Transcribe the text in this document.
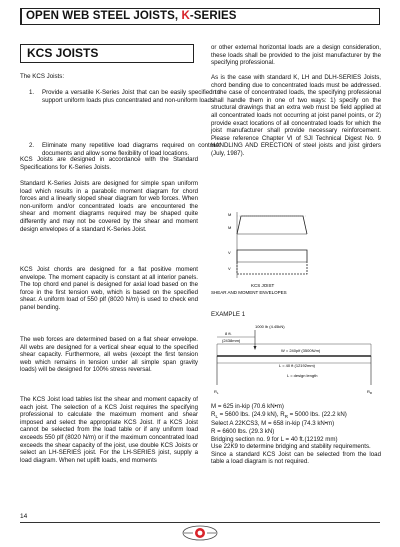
OPEN WEB STEEL JOISTS, K-SERIES
KCS JOISTS

The KCS Joists:

1. Provide a versatile K-Series Joist that can be easily specified to support uniform loads plus concentrated and non-uniform loads.
2. Eliminate many repetitive load diagrams required on contract documents and allow some flexibility of load locations.

KCS Joists are designed in accordance with the Standard Specifications for K-Series Joists.

Standard K-Series Joists are designed for simple span uniform load which results in a parabolic moment diagram for chord forces and a linearly sloped shear diagram for web forces. When non-uniform and/or concentrated loads are encountered the shear and moment diagrams required may be shaped quite differently and may not be covered by the shear and moment design envelopes of a standard K-Series Joist.

KCS Joist chords are designed for a flat positive moment envelope. The moment capacity is constant at all interior panels. The top chord end panel is designed for axial load based on the force in the first tension web, which is based on the specified shear. A uniform load of 550 plf (8020 N/m) is used to check end panel bending.

The web forces are determined based on a flat shear envelope. All webs are designed for a vertical shear equal to the specified shear capacity. Furthermore, all webs (except the first tension web which remains in tension under all simple span gravity loads) will be designed for 100% stress reversal.

The KCS Joist load tables list the shear and moment capacity of each joist. The selection of a KCS Joist requires the specifying professional to calculate the maximum moment and shear imposed and select the appropriate KCS Joist. If a KCS Joist cannot be selected from the load table or if any uniform load exceeds 550 plf (8020 N/m) or if the maximum concentrated load exceeds the shear capacity of the joist, use double KCS Joists or select an LH-SERIES joist. For the LH-SERIES joist, supply a load diagram. When net uplift loads, end moments

or other external horizontal loads are a design consideration, these loads shall be provided to the joist manufacturer by the specifying professional.

As is the case with standard K, LH and DLH-SERIES Joists, chord bending due to concentrated loads must be addressed. In the case of concentrated loads, the specifying professional shall handle them in one of two ways: 1) specify on the structural drawings that an extra web must be field applied at all concentrated loads not occurring at joist panel points, or 2) provide exact locations of all concentrated loads for which the joist manufacturer shall provide necessary reinforcement. Please reference Chapter VI of SJI Technical Digest No. 9 HANDLING AND ERECTION of steel joists and joist girders (July, 1987).

M
M
V
V
KCS JOIST
SHEAR AND MOMENT ENVELOPES

EXAMPLE 1

1000 lb (4.45kN)
8 ft.
(2438mm)
W = 240plf (3500N/m)
L = 40 ft (12192mm)
L = design length
$R_L$	$R_R$

M = 625 in-kip (70.6 kN•m)

$R_L = 5600$ lbs. (24.9 kN), $R_R = 5000$ lbs. (22.2 kN)

Select A 22KCS3, M = 658 in-kip (74.3 kN•m)

R = 6600 lbs. (29.3 kN)

Bridging section no. 9 for L = 40 ft.(12192 mm)

Use 22K9 to determine bridging and stability requirements.

Since a standard KCS Joist can be selected from the load table a load diagram is not required.

14
